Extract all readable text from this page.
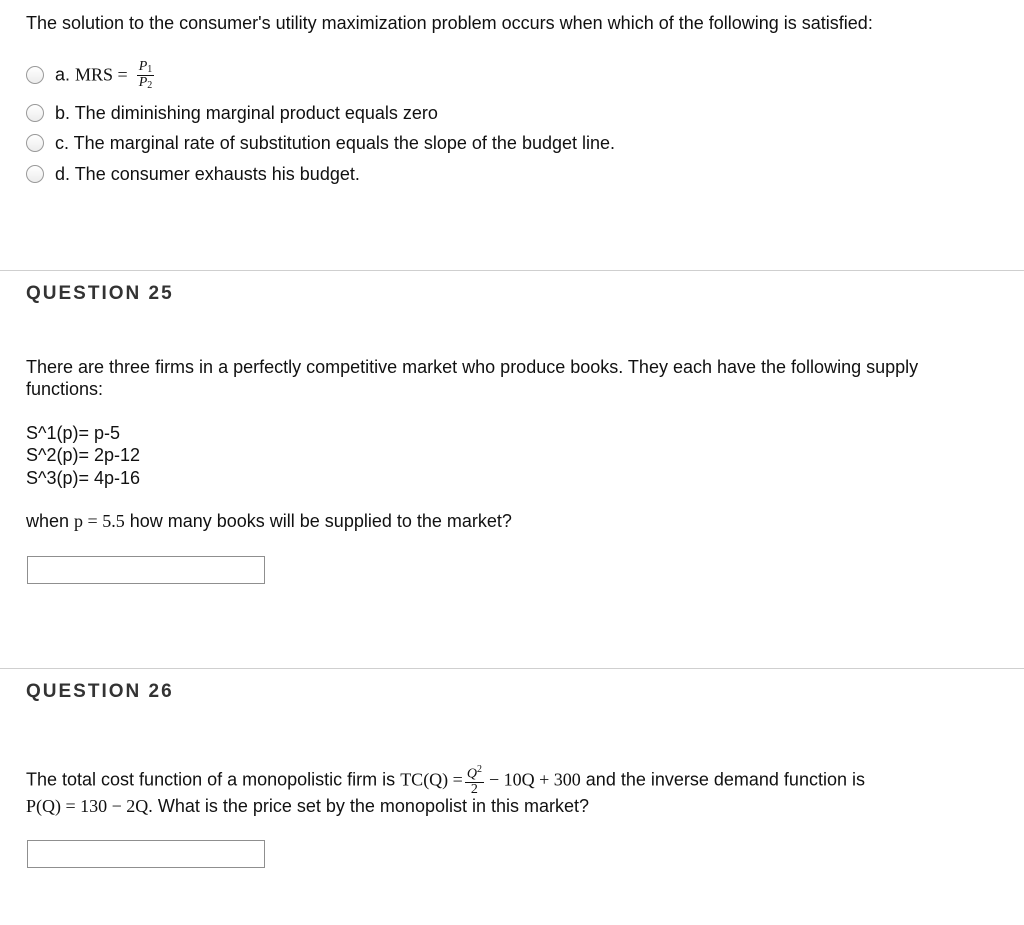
The solution to the consumer's utility maximization problem occurs when which of the following is satisfied:
a. MRS = $\frac{P_1}{P_2}$
b. The diminishing marginal product equals zero
c. The marginal rate of substitution equals the slope of the budget line.
d. The consumer exhausts his budget.
QUESTION 25
There are three firms in a perfectly competitive market who produce books. They each have the following supply
functions:
S^1(p)= p-5
S^2(p)= 2p-12
S^3(p)= 4p-16
when p = 5.5 how many books will be supplied to the market?
QUESTION 26
The total cost function of a monopolistic firm is $TC(Q) = \frac{Q^2}{2} - 10Q + 300$ and the inverse demand function is
P(Q) = 130 − 2Q. What is the price set by the monopolist in this market?
